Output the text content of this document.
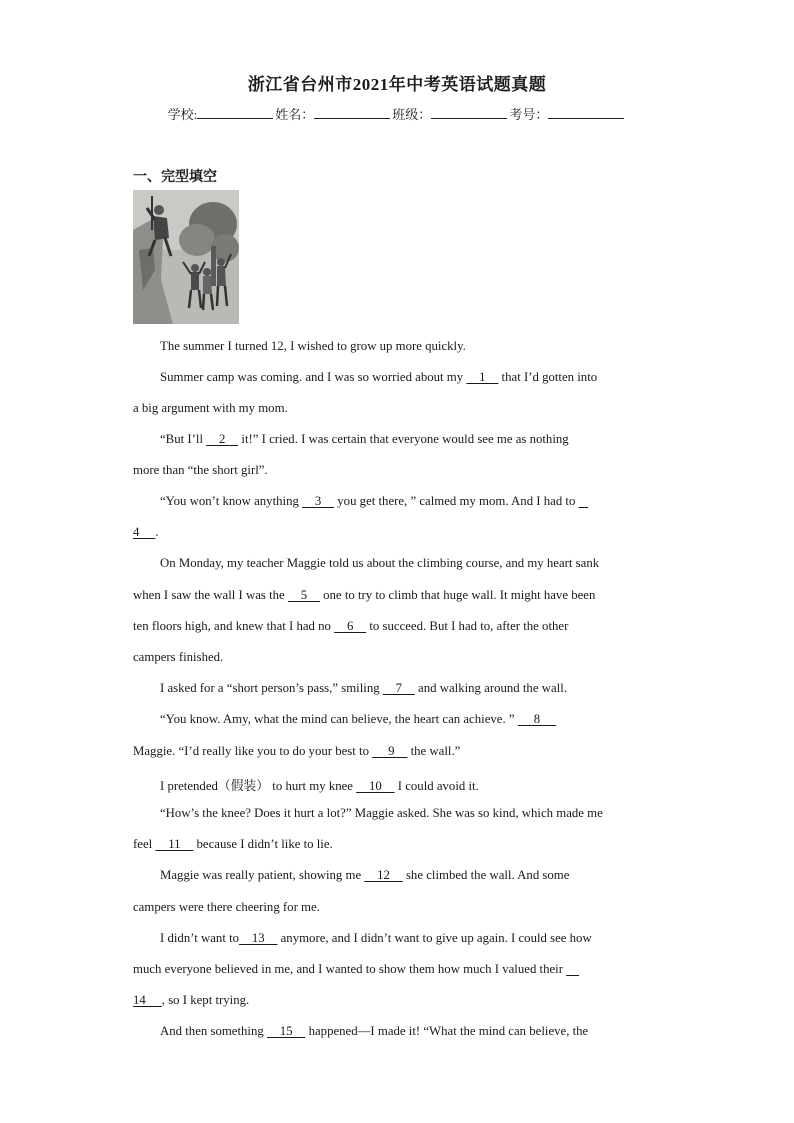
浙江省台州市2021年中考英语试题真题
学校:	姓名：	班级：	考号：
一、完型填空
The summer I turned 12, I wished to grow up more quickly.
Summer camp was coming. and I was so worried about my     1     that I’d gotten into
a big argument with my mom.
“But I’ll     2     it!” I cried. I was certain that everyone would see me as nothing
more than “the short girl”.
“You won’t know anything     3     you get there, ” calmed my mom. And I had to
4     .
On Monday, my teacher Maggie told us about the climbing course, and my heart sank
when I saw the wall I was the     5     one to try to climb that huge wall. It might have been
ten floors high, and knew that I had no     6     to succeed. But I had to, after the other
campers finished.
I asked for a “short person’s pass,” smiling     7     and walking around the wall.
“You know. Amy, what the mind can believe, the heart can achieve. ”      8
Maggie. “I’d really like you to do your best to      9     the wall.”
I pretended（假装） to hurt my knee     10     I could avoid it.
“How’s the knee? Does it hurt a lot?” Maggie asked. She was so kind, which made me
feel     11     because I didn’t like to lie.
Maggie was really patient, showing me     12     she climbed the wall. And some
campers were there cheering for me.
I didn’t want to    13     anymore, and I didn’t want to give up again. I could see how
much everyone believed in me, and I wanted to show them how much I valued their
14     , so I kept trying.
And then something     15     happened—I made it! “What the mind can believe, the
